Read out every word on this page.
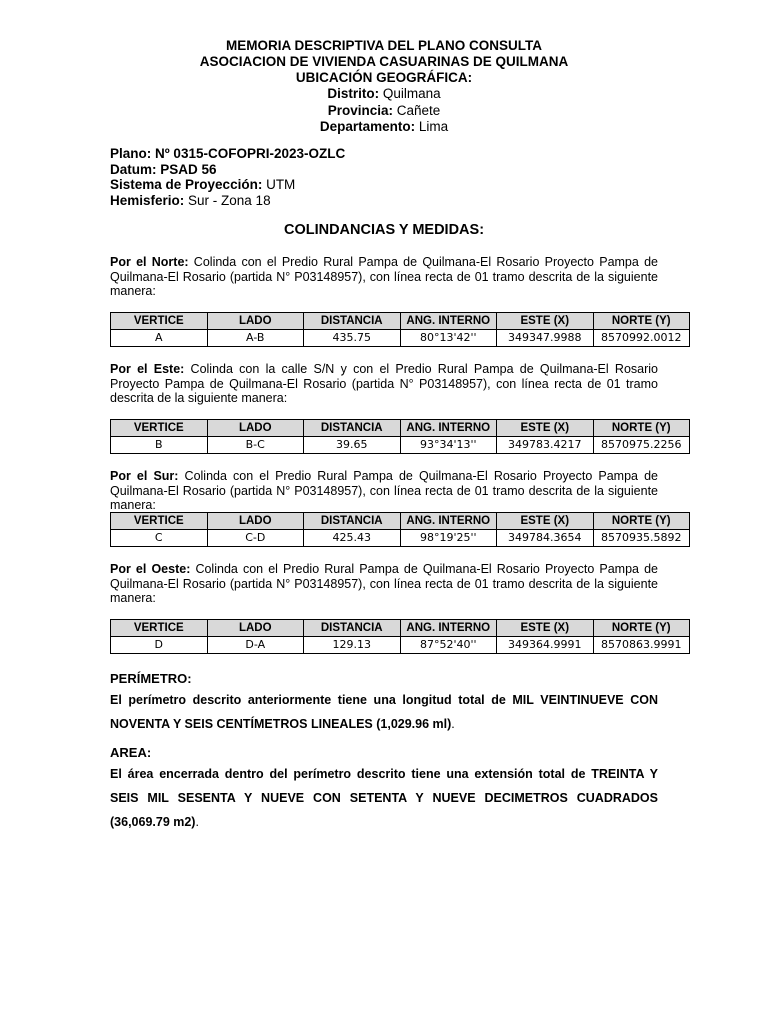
MEMORIA DESCRIPTIVA DEL PLANO CONSULTA
ASOCIACION DE VIVIENDA CASUARINAS DE QUILMANA
UBICACIÓN GEOGRÁFICA:
Distrito: Quilmana
Provincia: Cañete
Departamento: Lima
Plano: Nº 0315-COFOPRI-2023-OZLC
Datum: PSAD 56
Sistema de Proyección: UTM
Hemisferio: Sur - Zona 18
COLINDANCIAS Y MEDIDAS:
Por el Norte: Colinda con el Predio Rural Pampa de Quilmana-El Rosario Proyecto Pampa de Quilmana-El Rosario (partida N° P03148957), con línea recta de 01 tramo descrita de la siguiente manera:
VERTICE	LADO	DISTANCIA	ANG. INTERNO	ESTE (X)	NORTE (Y)
A	A-B	435.75	80°13'42''	349347.9988	8570992.0012
Por el Este: Colinda con la calle S/N y con el Predio Rural Pampa de Quilmana-El Rosario Proyecto Pampa de Quilmana-El Rosario (partida N° P03148957), con línea recta de 01 tramo descrita de la siguiente manera:
VERTICE	LADO	DISTANCIA	ANG. INTERNO	ESTE (X)	NORTE (Y)
B	B-C	39.65	93°34'13''	349783.4217	8570975.2256
Por el Sur: Colinda con el Predio Rural Pampa de Quilmana-El Rosario Proyecto Pampa de Quilmana-El Rosario (partida N° P03148957), con línea recta de 01 tramo descrita de la siguiente manera:
VERTICE	LADO	DISTANCIA	ANG. INTERNO	ESTE (X)	NORTE (Y)
C	C-D	425.43	98°19'25''	349784.3654	8570935.5892
Por el Oeste: Colinda con el Predio Rural Pampa de Quilmana-El Rosario Proyecto Pampa de Quilmana-El Rosario (partida N° P03148957), con línea recta de 01 tramo descrita de la siguiente manera:
VERTICE	LADO	DISTANCIA	ANG. INTERNO	ESTE (X)	NORTE (Y)
D	D-A	129.13	87°52'40''	349364.9991	8570863.9991
PERÍMETRO:
El perímetro descrito anteriormente tiene una longitud total de MIL VEINTINUEVE CON NOVENTA Y SEIS CENTÍMETROS LINEALES (1,029.96 ml).
AREA:
El área encerrada dentro del perímetro descrito tiene una extensión total de TREINTA Y SEIS MIL SESENTA Y NUEVE CON SETENTA Y NUEVE DECIMETROS CUADRADOS (36,069.79 m2).
